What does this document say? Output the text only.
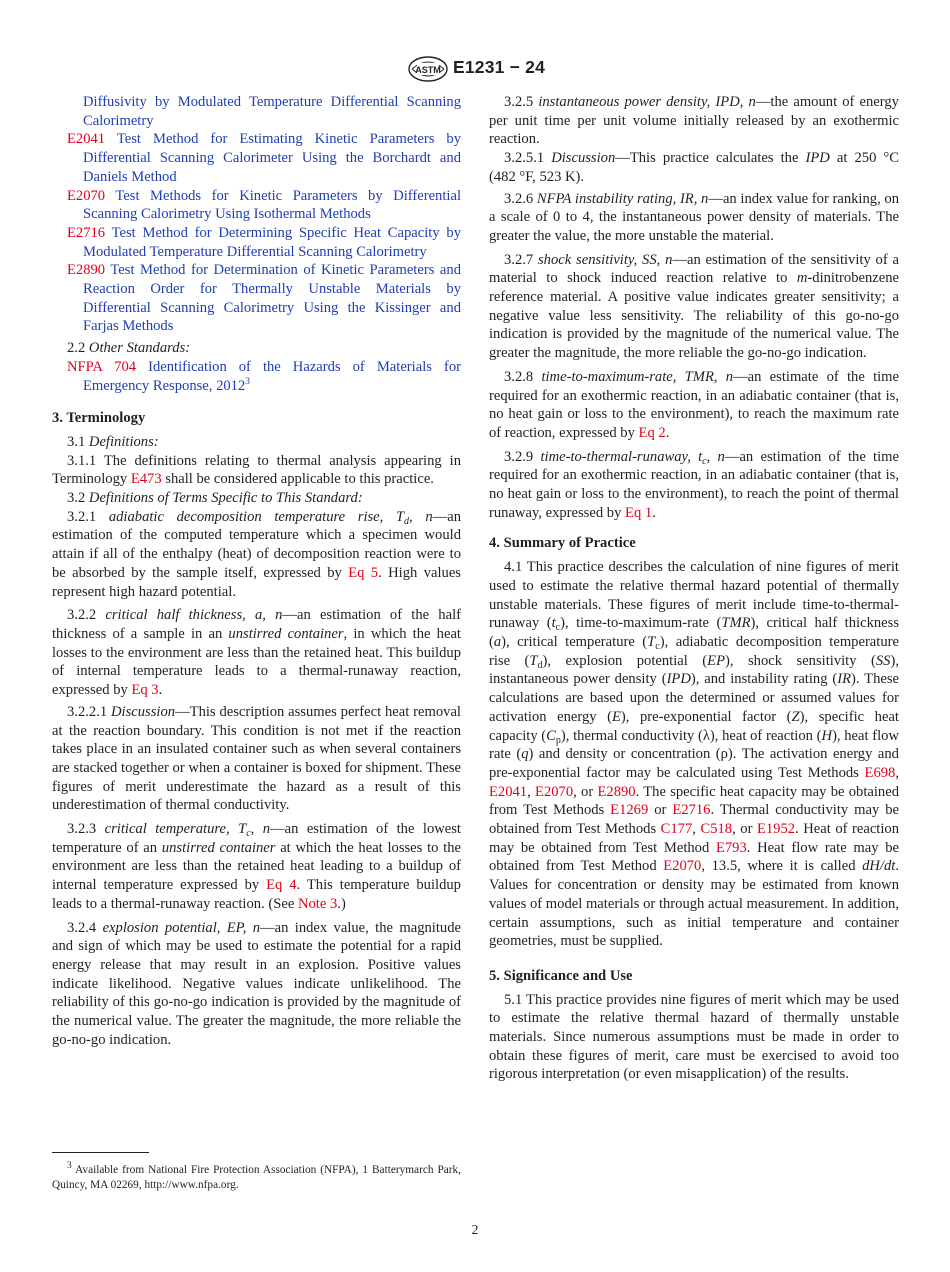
ASTM E1231 − 24

Diffusivity by Modulated Temperature Differential Scanning Calorimetry

E2041 Test Method for Estimating Kinetic Parameters by Differential Scanning Calorimeter Using the Borchardt and Daniels Method

E2070 Test Methods for Kinetic Parameters by Differential Scanning Calorimetry Using Isothermal Methods

E2716 Test Method for Determining Specific Heat Capacity by Modulated Temperature Differential Scanning Calorimetry

E2890 Test Method for Determination of Kinetic Parameters and Reaction Order for Thermally Unstable Materials by Differential Scanning Calorimetry Using the Kissinger and Farjas Methods

2.2 Other Standards:

NFPA 704 Identification of the Hazards of Materials for Emergency Response, 2012$^3$

3. Terminology

3.1 Definitions:

3.1.1 The definitions relating to thermal analysis appearing in Terminology E473 shall be considered applicable to this practice.

3.2 Definitions of Terms Specific to This Standard:

3.2.1 adiabatic decomposition temperature rise, $T_d$, n—an estimation of the computed temperature which a specimen would attain if all of the enthalpy (heat) of decomposition reaction were to be absorbed by the sample itself, expressed by Eq 5. High values represent high hazard potential.

3.2.2 critical half thickness, a, n—an estimation of the half thickness of a sample in an unstirred container, in which the heat losses to the environment are less than the retained heat. This buildup of internal temperature leads to a thermal-runaway reaction, expressed by Eq 3.

3.2.2.1 Discussion—This description assumes perfect heat removal at the reaction boundary. This condition is not met if the reaction takes place in an insulated container such as when several containers are stacked together or when a container is boxed for shipment. These figures of merit underestimate the hazard as a result of this underestimation of thermal conductivity.

3.2.3 critical temperature, $T_c$, n—an estimation of the lowest temperature of an unstirred container at which the heat losses to the environment are less than the retained heat leading to a buildup of internal temperature expressed by Eq 4. This temperature buildup leads to a thermal-runaway reaction. (See Note 3.)

3.2.4 explosion potential, EP, n—an index value, the magnitude and sign of which may be used to estimate the potential for a rapid energy release that may result in an explosion. Positive values indicate likelihood. Negative values indicate unlikelihood. The reliability of this go-no-go indication is provided by the magnitude of the numerical value. The greater the magnitude, the more reliable the go-no-go indication.

3.2.5 instantaneous power density, IPD, n—the amount of energy per unit time per unit volume initially released by an exothermic reaction.

3.2.5.1 Discussion—This practice calculates the IPD at 250 °C (482 °F, 523 K).

3.2.6 NFPA instability rating, IR, n—an index value for ranking, on a scale of 0 to 4, the instantaneous power density of materials. The greater the value, the more unstable the material.

3.2.7 shock sensitivity, SS, n—an estimation of the sensitivity of a material to shock induced reaction relative to m-dinitrobenzene reference material. A positive value indicates greater sensitivity; a negative value less sensitivity. The reliability of this go-no-go indication is provided by the magnitude of the numerical value. The greater the magnitude, the more reliable the go-no-go indication.

3.2.8 time-to-maximum-rate, TMR, n—an estimate of the time required for an exothermic reaction, in an adiabatic container (that is, no heat gain or loss to the environment), to reach the maximum rate of reaction, expressed by Eq 2.

3.2.9 time-to-thermal-runaway, $t_c$, n—an estimation of the time required for an exothermic reaction, in an adiabatic container (that is, no heat gain or loss to the environment), to reach the point of thermal runaway, expressed by Eq 1.

4. Summary of Practice

4.1 This practice describes the calculation of nine figures of merit used to estimate the relative thermal hazard potential of thermally unstable materials. These figures of merit include time-to-thermal-runaway $(t_c)$, time-to-maximum-rate (TMR), critical half thickness (a), critical temperature $(T_c)$, adiabatic decomposition temperature rise $(T_d)$, explosion potential (EP), shock sensitivity (SS), instantaneous power density (IPD), and instability rating (IR). These calculations are based upon the determined or assumed values for activation energy (E), pre-exponential factor (Z), specific heat capacity $(C_p)$, thermal conductivity (λ), heat of reaction (H), heat flow rate (q) and density or concentration (ρ). The activation energy and pre-exponential factor may be calculated using Test Methods E698, E2041, E2070, or E2890. The specific heat capacity may be obtained from Test Methods E1269 or E2716. Thermal conductivity may be obtained from Test Methods C177, C518, or E1952. Heat of reaction may be obtained from Test Method E793. Heat flow rate may be obtained from Test Method E2070, 13.5, where it is called dH/dt. Values for concentration or density may be estimated from known values of model materials or through actual measurement. In addition, certain assumptions, such as initial temperature and container geometries, must be supplied.

5. Significance and Use

5.1 This practice provides nine figures of merit which may be used to estimate the relative thermal hazard of thermally unstable materials. Since numerous assumptions must be made in order to obtain these figures of merit, care must be exercised to avoid too rigorous interpretation (or even misapplication) of the results.

$^3$ Available from National Fire Protection Association (NFPA), 1 Batterymarch Park, Quincy, MA 02269, http://www.nfpa.org.
2
